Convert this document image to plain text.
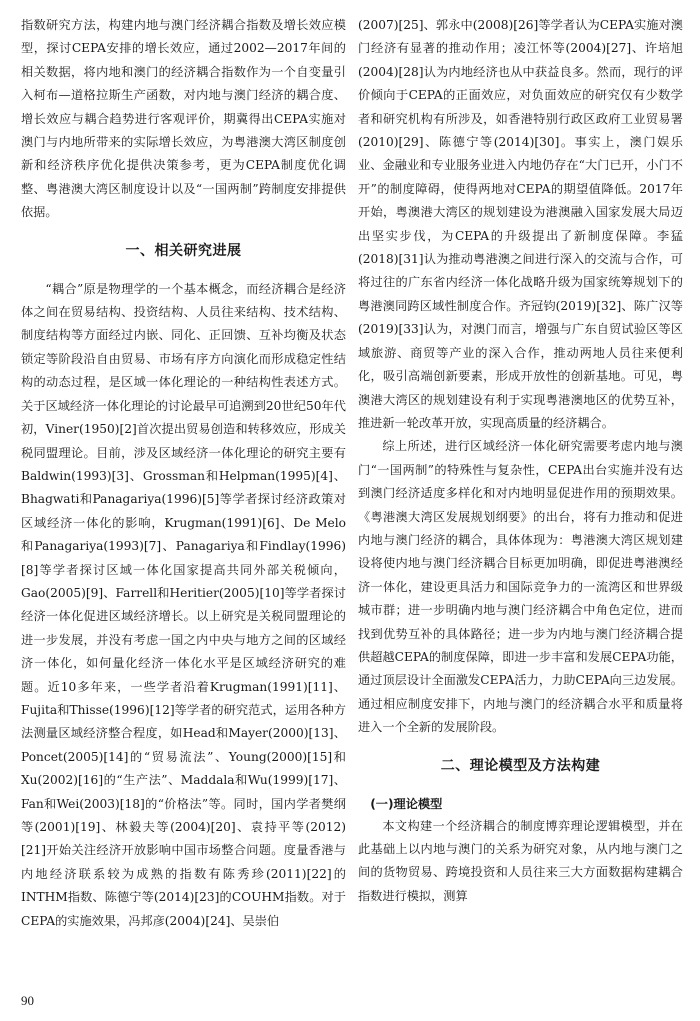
指数研究方法，构建内地与澳门经济耦合指数及增长效应模型，探讨CEPA安排的增长效应，通过2002—2017年间的相关数据，将内地和澳门的经济耦合指数作为一个自变量引入柯布—道格拉斯生产函数，对内地与澳门经济的耦合度、增长效应与耦合趋势进行客观评价，期冀得出CEPA实施对澳门与内地所带来的实际增长效应，为粤港澳大湾区制度创新和经济秩序优化提供决策参考，更为CEPA制度优化调整、粤港澳大湾区制度设计以及“一国两制”跨制度安排提供依据。

一、相关研究进展

“耦合”原是物理学的一个基本概念，而经济耦合是经济体之间在贸易结构、投资结构、人员往来结构、技术结构、制度结构等方面经过内嵌、同化、正回馈、互补均衡及状态锁定等阶段沿自由贸易、市场有序方向演化而形成稳定性结构的动态过程，是区域一体化理论的一种结构性表述方式。关于区域经济一体化理论的讨论最早可追溯到20世纪50年代初，Viner(1950)[2]首次提出贸易创造和转移效应，形成关税同盟理论。目前，涉及区域经济一体化理论的研究主要有Baldwin(1993)[3]、Grossman和Helpman(1995)[4]、Bhagwati和Panagariya(1996)[5]等学者探讨经济政策对区域经济一体化的影响，Krugman(1991)[6]、De Melo和Panagariya(1993)[7]、Panagariya和Findlay(1996)[8]等学者探讨区域一体化国家提高共同外部关税倾向，Gao(2005)[9]、Farrell和Heritier(2005)[10]等学者探讨经济一体化促进区域经济增长。以上研究是关税同盟理论的进一步发展，并没有考虑一国之内中央与地方之间的区域经济一体化，如何量化经济一体化水平是区域经济研究的难题。近10多年来，一些学者沿着Krugman(1991)[11]、Fujita和Thisse(1996)[12]等学者的研究范式，运用各种方法测量区域经济整合程度，如Head和Mayer(2000)[13]、Poncet(2005)[14]的“贸易流法”、Young(2000)[15]和Xu(2002)[16]的“生产法”、Maddala和Wu(1999)[17]、Fan和Wei(2003)[18]的“价格法”等。同时，国内学者樊纲等(2001)[19]、林毅夫等(2004)[20]、袁持平等(2012)[21]开始关注经济开放影响中国市场整合问题。度量香港与内地经济联系较为成熟的指数有陈秀珍(2011)[22]的INTHM指数、陈德宁等(2014)[23]的COUHM指数。对于CEPA的实施效果，冯邦彦(2004)[24]、吴崇伯

(2007)[25]、郭永中(2008)[26]等学者认为CEPA实施对澳门经济有显著的推动作用；凌江怀等(2004)[27]、许培旭(2004)[28]认为内地经济也从中获益良多。然而，现行的评价倾向于CEPA的正面效应，对负面效应的研究仅有少数学者和研究机构有所涉及，如香港特别行政区政府工业贸易署(2010)[29]、陈德宁等(2014)[30]。事实上，澳门娱乐业、金融业和专业服务业进入内地仍存在“大门已开，小门不开”的制度障碍，使得两地对CEPA的期望值降低。2017年开始，粤澳港大湾区的规划建设为港澳融入国家发展大局迈出坚实步伐，为CEPA的升级提出了新制度保障。李猛(2018)[31]认为推动粤港澳之间进行深入的交流与合作，可将过往的广东省内经济一体化战略升级为国家统筹规划下的粤港澳同跨区域性制度合作。齐冠钧(2019)[32]、陈广汉等(2019)[33]认为，对澳门而言，增强与广东自贸试验区等区域旅游、商贸等产业的深入合作，推动两地人员往来便利化，吸引高端创新要素，形成开放性的创新基地。可见，粤澳港大湾区的规划建设有利于实现粤港澳地区的优势互补，推进新一轮改革开放，实现高质量的经济耦合。

综上所述，进行区域经济一体化研究需要考虑内地与澳门“一国两制”的特殊性与复杂性，CEPA出台实施并没有达到澳门经济适度多样化和对内地明显促进作用的预期效果。《粤港澳大湾区发展规划纲要》的出台，将有力推动和促进内地与澳门经济的耦合，具体体现为：粤港澳大湾区规划建设将使内地与澳门经济耦合目标更加明确，即促进粤港澳经济一体化，建设更具活力和国际竞争力的一流湾区和世界级城市群；进一步明确内地与澳门经济耦合中角色定位，进而找到优势互补的具体路径；进一步为内地与澳门经济耦合提供超越CEPA的制度保障，即进一步丰富和发展CEPA功能，通过顶层设计全面激发CEPA活力，力助CEPA向三边发展。通过相应制度安排下，内地与澳门的经济耦合水平和质量将进入一个全新的发展阶段。

二、理论模型及方法构建
(一)理论模型

本文构建一个经济耦合的制度博弈理论逻辑模型，并在此基础上以内地与澳门的关系为研究对象，从内地与澳门之间的货物贸易、跨境投资和人员往来三大方面数据构建耦合指数进行模拟，测算

90
